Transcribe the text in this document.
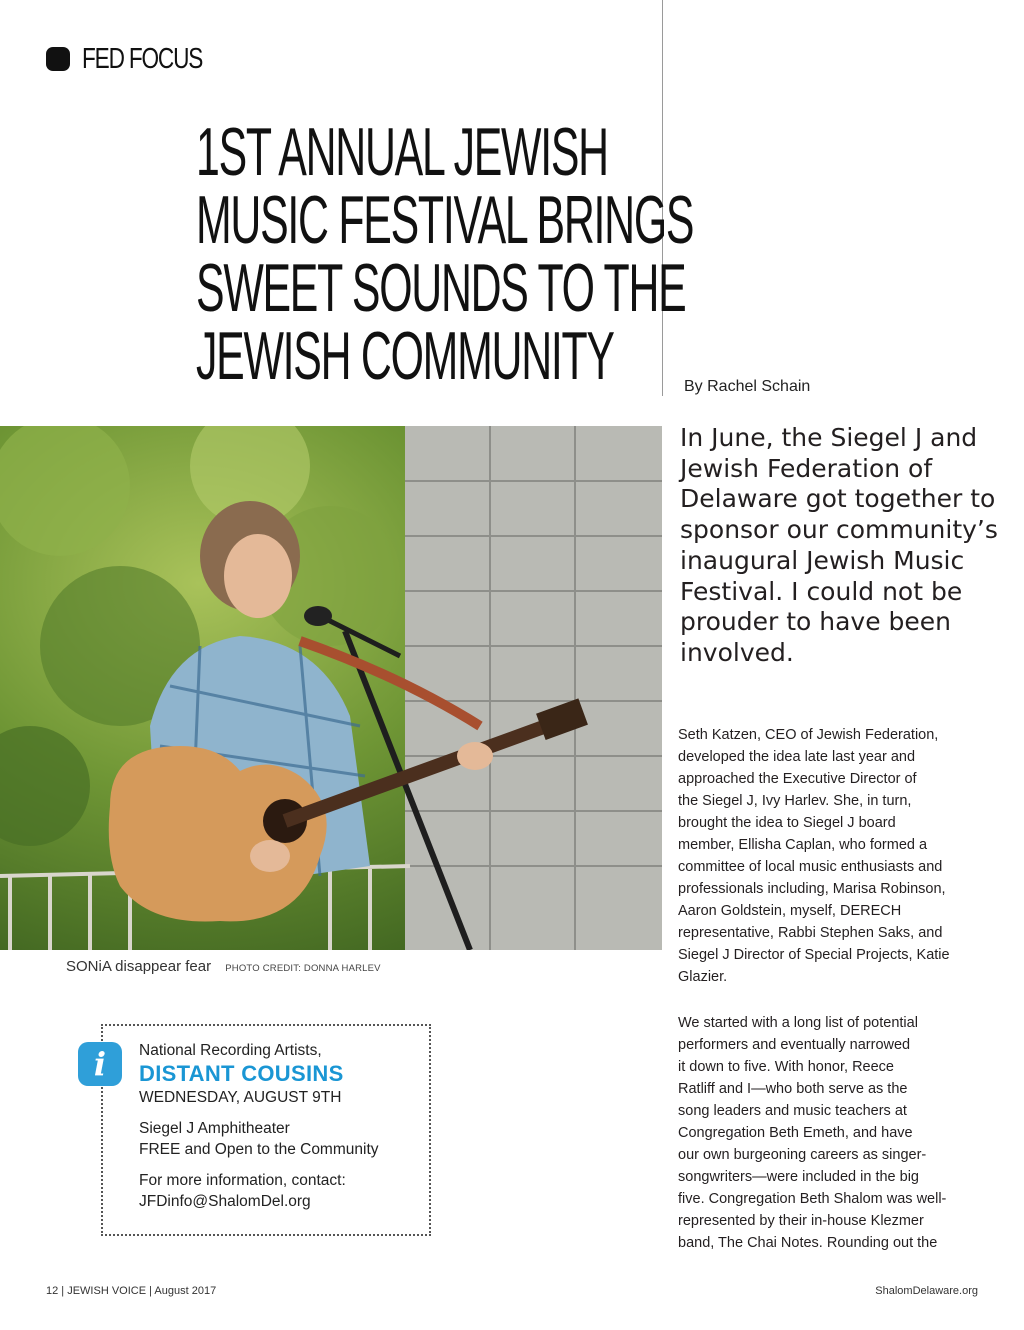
FED FOCUS
1ST ANNUAL JEWISH
MUSIC FESTIVAL BRINGS
SWEET SOUNDS TO THE
JEWISH COMMUNITY	By Rachel Schain
SONiA disappear fear PHOTO CREDIT: DONNA HARLEV
In June, the Siegel J and Jewish Federation of Delaware got together to sponsor our community’s inaugural Jewish Music Festival. I could not be prouder to have been involved.
Seth Katzen, CEO of Jewish Federation,
developed the idea late last year and
approached the Executive Director of
the Siegel J, Ivy Harlev. She, in turn,
brought the idea to Siegel J board
member, Ellisha Caplan, who formed a
committee of local music enthusiasts and
professionals including, Marisa Robinson,
Aaron Goldstein, myself, DERECH
representative, Rabbi Stephen Saks, and
Siegel J Director of Special Projects, Katie
Glazier.
We started with a long list of potential
performers and eventually narrowed
it down to five. With honor, Reece
Ratliff and I—who both serve as the
song leaders and music teachers at
Congregation Beth Emeth, and have
our own burgeoning careers as singer-
songwriters—were included in the big
five. Congregation Beth Shalom was well-
represented by their in-house Klezmer
band, The Chai Notes. Rounding out the
i	National Recording Artists,
DISTANT COUSINS
WEDNESDAY, AUGUST 9TH
Siegel J Amphitheater
FREE and Open to the Community
For more information, contact:
JFDinfo@ShalomDel.org
12 | JEWISH VOICE | August 2017	ShalomDelaware.org
